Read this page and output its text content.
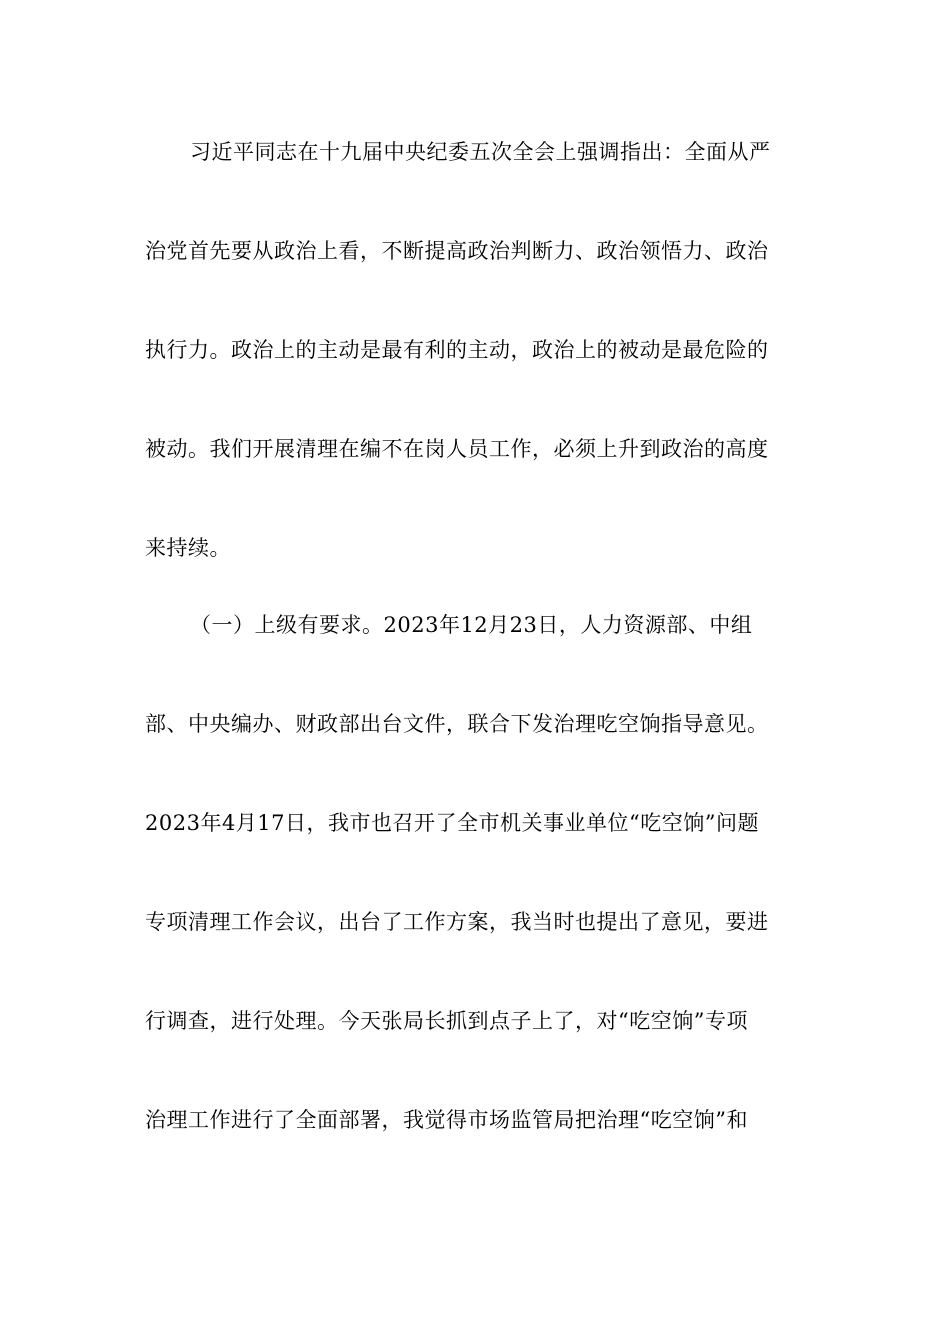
习近平同志在十九届中央纪委五次全会上强调指出：全面从严
治党首先要从政治上看，不断提高政治判断力、政治领悟力、政治
执行力。政治上的主动是最有利的主动，政治上的被动是最危险的
被动。我们开展清理在编不在岗人员工作，必须上升到政治的高度
来持续。
（一）上级有要求。2023年12月23日，人力资源部、中组
部、中央编办、财政部出台文件，联合下发治理吃空饷指导意见。
2023年4月17日，我市也召开了全市机关事业单位“吃空饷”问题
专项清理工作会议，出台了工作方案，我当时也提出了意见，要进
行调查，进行处理。今天张局长抓到点子上了，对“吃空饷”专项
治理工作进行了全面部署，我觉得市场监管局把治理“吃空饷”和
